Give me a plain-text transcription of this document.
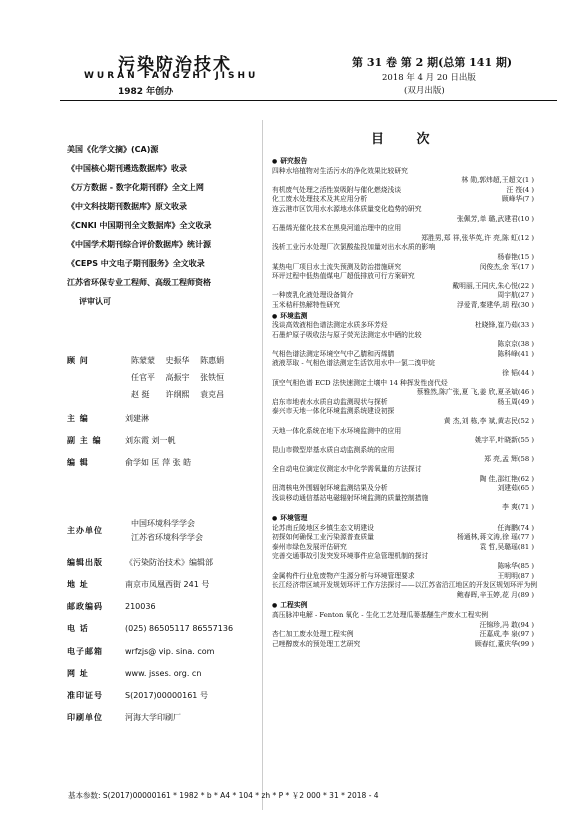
污染防治技术
WURAN FANGZHI JISHU
1982 年创办
第 31 卷 第 2 期(总第 141 期)
2018 年 4 月 20 日出版
(双月出版)
美国《化学文摘》(CA)源
《中国核心期刊遴选数据库》收录
《万方数据 - 数字化期刊群》全文上网
《中文科技期刊数据库》原文收录
《CNKI 中国期刊全文数据库》全文收录
《中国学术期刊综合评价数据库》统计源
《CEPS 中文电子期刊服务》全文收录
江苏省环保专业工程师、高级工程师资格
评审认可
顾 问	陈蒙蒙 史振华 陈惠娟
任官平 高振宇 张铁恒
赵 挺 许纲熙 袁克昌
主 编	刘建淋
副 主 编	刘东霞 刘一帆
编 辑	俞学如 匡 萍 张 皓
主办单位
中国环境科学学会
江苏省环境科学学会
编辑出版	《污染防治技术》编辑部
地 址	南京市凤凰西街 241 号
邮政编码	210036
电 话	(025) 86505117 86557136
电子邮箱	wrfzjs@ vip. sina. com
网 址	www. jsses. org. cn
准印证号	S(2017)00000161 号
印刷单位	河海大学印刷厂
目 次
● 研究报告
四种水培植物对生活污水的净化效果比较研究
林 勋,郭炜超,王超文(1 )
有机废气处理之活性炭吸附与催化燃烧浅谈	汪 筏(4 )
化工废水处理技术及其应用分析	顾峰华(7 )
连云港市区饮用水水源地水体质量变化趋势的研究
张佩芳,单 璐,武建君(10 )
石墨烯光催化技术在黑臭河道治理中的应用
郑胜男,郑 祥,张华英,许 亮,陈 虹(12 )
浅析工业污水处理厂次氯酸盐投加量对出水水质的影响
杨春艳(15 )
某热电厂项目水土流失预测及防治措施研究	闵俊杰,余 军(17 )
环评过程中低热值煤电厂超低排放可行方案研究
戴明丽,王同庆,朱心悦(22 )
一种废乳化液处理设备简介	周宇航(27 )
玉米秸秆热解特性研究	浮爱青,秦建华,胡 程(30 )
● 环境监测
浅谈高效液相色谱法测定水质多环芳烃	杜晓锋,崔乃茹(33 )
石墨炉原子吸收法与原子荧光法测定水中硒的比较
陈京京(38 )
气相色谱法测定环境空气中乙腈和丙烯腈	陈科峰(41 )
液液萃取 - 气相色谱法测定生活饮用水中一氯二溴甲烷
徐 韬(44 )
顶空气相色谱 ECD 法快速测定土壤中 14 种挥发性卤代烃
蔡雅然,陈广张,夏 飞,姜 欣,夏圣斌(46 )
启东市地表水水质自动监测现状与探析	杨玉周(49 )
泰兴市天地一体化环境监测系统建设初探
黄 杰,刘 栋,李 斌,黄志民(52 )
天地一体化系统在地下水环境监测中的应用
姚宇平,叶晓新(55 )
昆山市微型岸基水质自动监测系统的应用
郑 亮,孟 辉(58 )
全自动电位滴定仪测定水中化学需氧量的方法探讨
陶 佳,邵红艳(62 )
田湾核电外围辐射环境监测结果及分析	刘建茹(65 )
浅谈移动通信基站电磁辐射环境监测的质量控制措施
李 爽(71 )
● 环境管理
论苏南丘陵地区乡镇生态文明建设	任海鹏(74 )
初探如何确保工业污染源普查质量	杨通林,蒋文涛,徐 瑶(77 )
泰州市绿色发展评估研究	袁 哲,吴璐瑶(81 )
完善交通事故引发突发环境事件应急管理机制的探讨
陈咏华(85 )
金属构件行业危废物产生源分析与环境管理要求	王明明(87 )
长江经济带区域开发规划环评工作方法探讨——以江苏省沿江地区的开发区规划环评为例
鲍春晖,辛玉婷,花 月(89 )
● 工程实例
高压脉冲电解 - Fenton 氧化 - 生化工艺处理瓜蒌基醚生产废水工程实例
汪锦珍,冯 敢(94 )
杏仁加工废水处理工程实例	汪嘉成,李 泉(97 )
己唑醇废水的预处理工艺研究	顾春红,董庆华(99 )
基本参数: S(2017)00000161 * 1982 * b * A4 * 104 * zh * P * ￥2 000 * 31 * 2018 - 4
